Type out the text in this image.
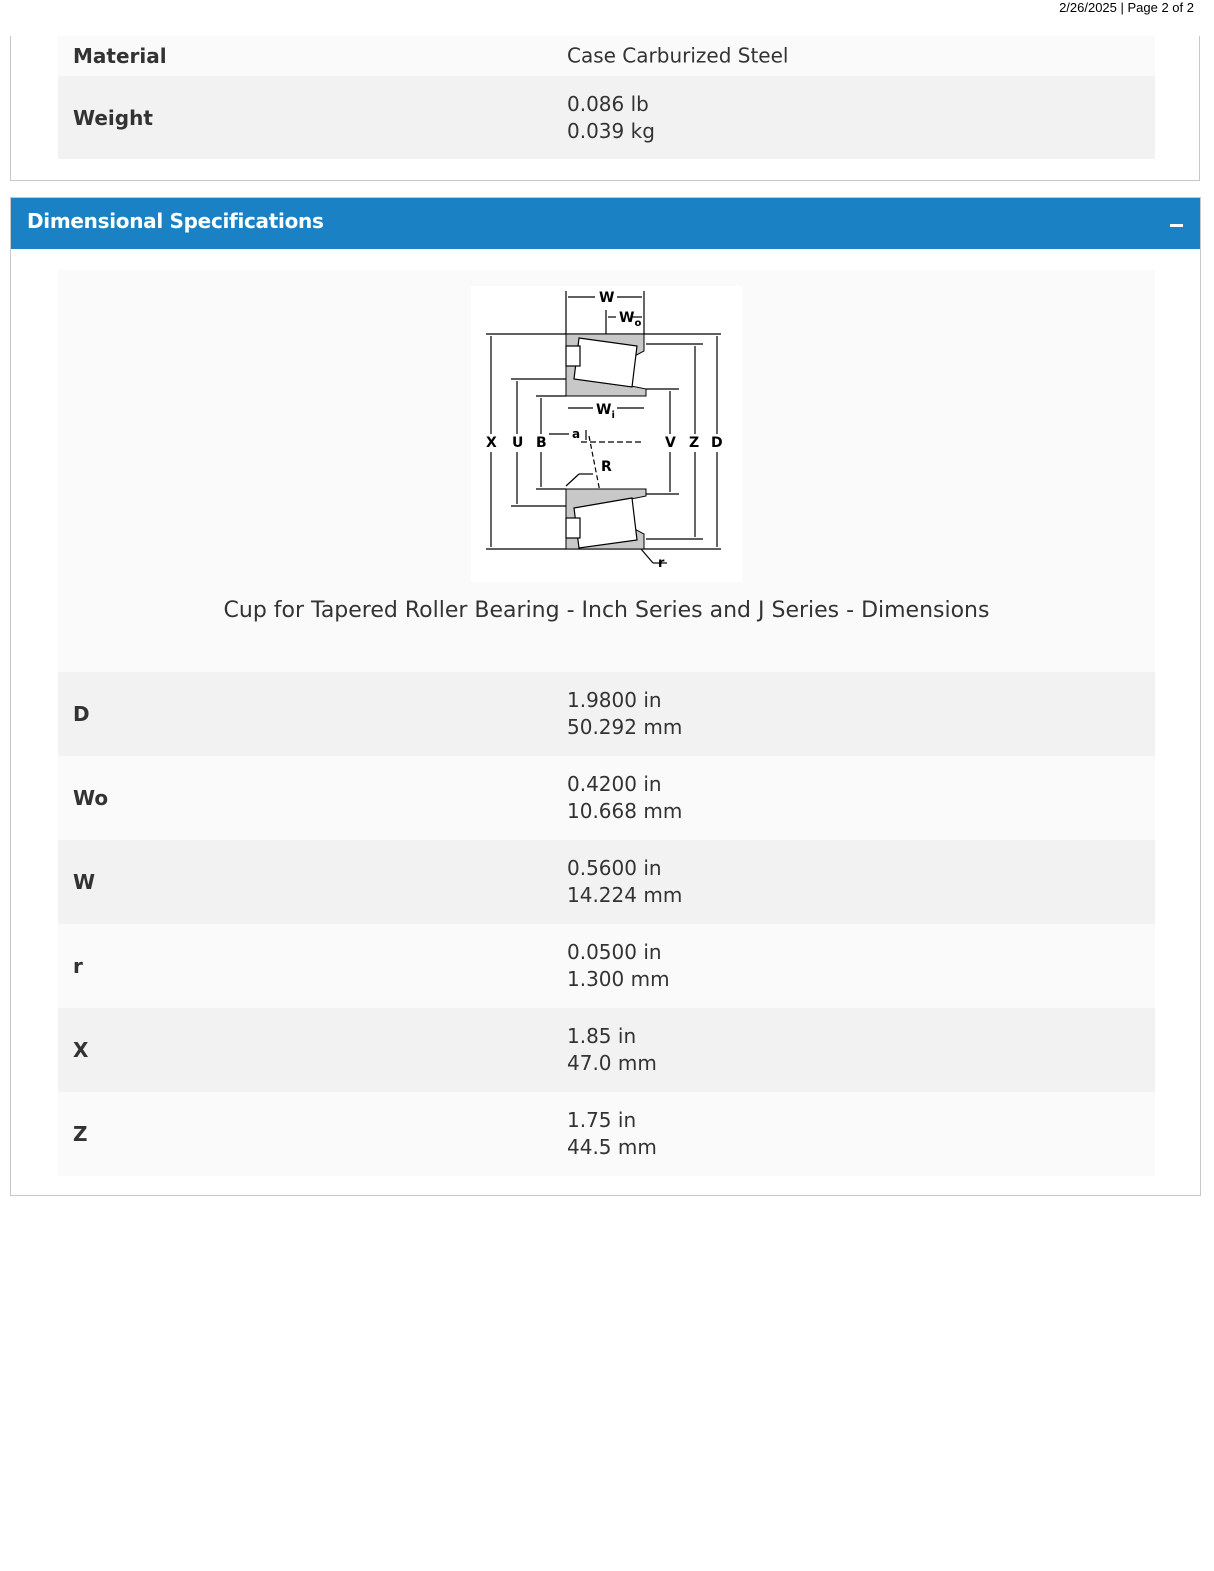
2/26/2025 | Page 2 of 2
Material	Case Carburized Steel
Weight
0.086 lb
0.039 kg
Dimensional Specifications
W
$W_o$
$W_i$
a
R
r
X U B	V Z D
Cup for Tapered Roller Bearing - Inch Series and J Series - Dimensions
D
1.9800 in
50.292 mm
Wo
0.4200 in
10.668 mm
W
0.5600 in
14.224 mm
r
0.0500 in
1.300 mm
X
1.85 in
47.0 mm
Z
1.75 in
44.5 mm
